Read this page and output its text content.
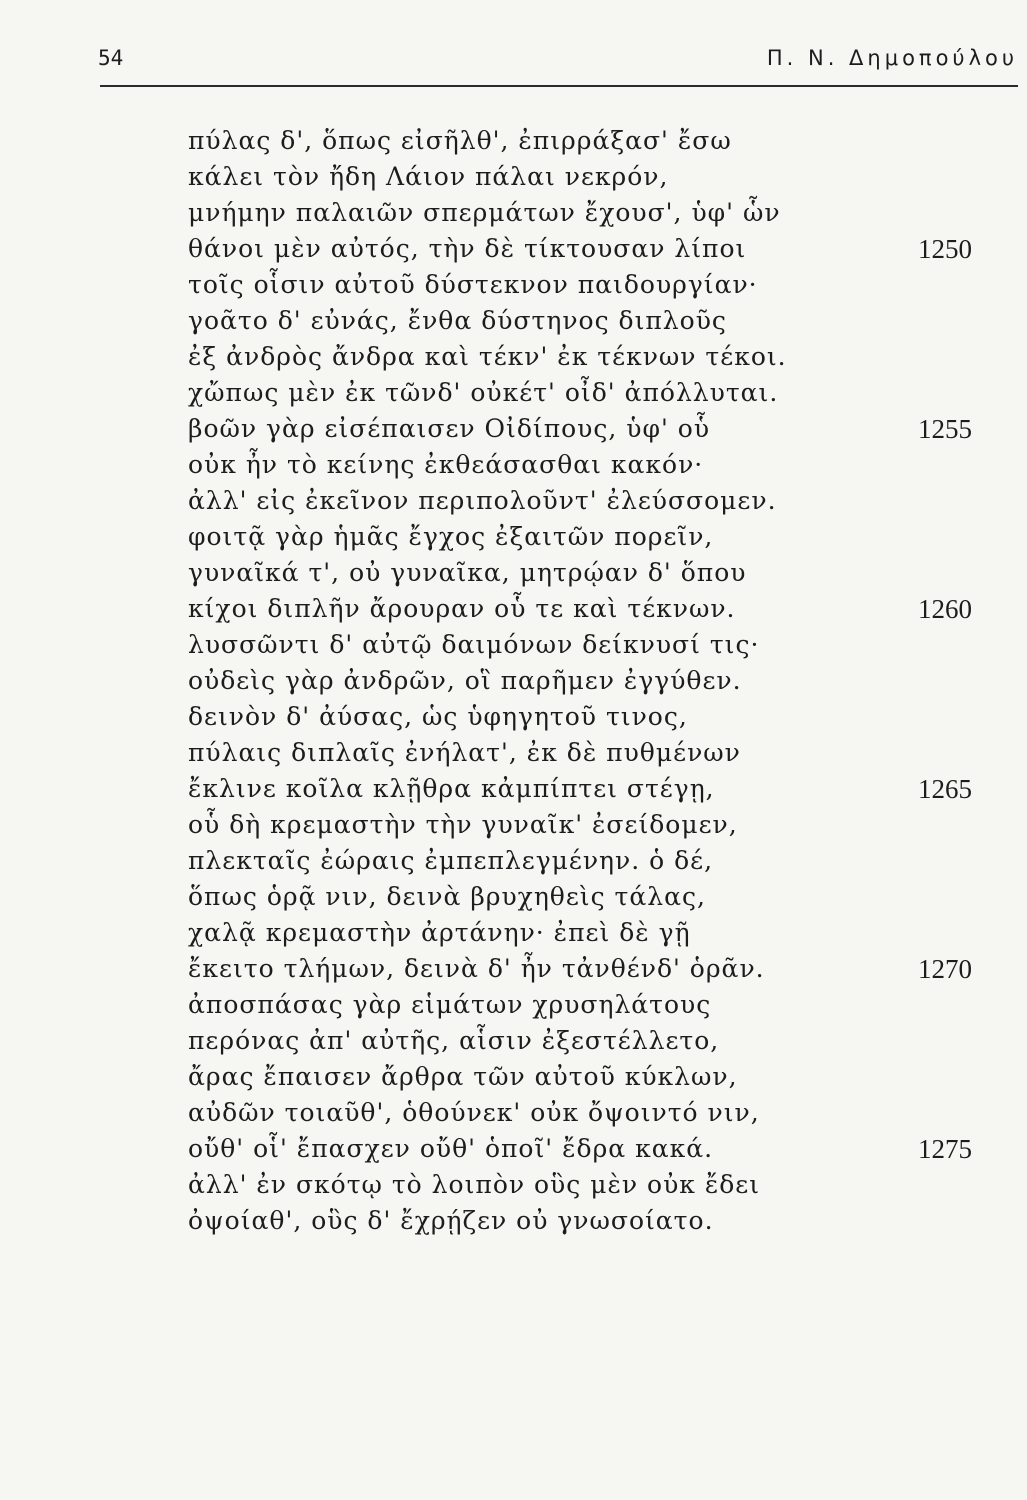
54	Π. Ν. Δημοπούλου
πύλας δ', ὅπως εἰσῆλθ', ἐπιρράξασ' ἔσω
κάλει τὸν ἤδη Λάιον πάλαι νεκρόν,
μνήμην παλαιῶν σπερμάτων ἔχουσ', ὑφ' ὧν
θάνοι μὲν αὐτός, τὴν δὲ τίκτουσαν λίποι	1250
τοῖς οἷσιν αὐτοῦ δύστεκνον παιδουργίαν·
γοᾶτο δ' εὐνάς, ἔνθα δύστηνος διπλοῦς
ἐξ ἀνδρὸς ἄνδρα καὶ τέκν' ἐκ τέκνων τέκοι.
χὤπως μὲν ἐκ τῶνδ' οὐκέτ' οἶδ' ἀπόλλυται.
βοῶν γὰρ εἰσέπαισεν Οἰδίπους, ὑφ' οὗ	1255
οὐκ ἦν τὸ κείνης ἐκθεάσασθαι κακόν·
ἀλλ' εἰς ἐκεῖνον περιπολοῦντ' ἐλεύσσομεν.
φοιτᾷ γὰρ ἡμᾶς ἔγχος ἐξαιτῶν πορεῖν,
γυναῖκά τ', οὐ γυναῖκα, μητρῴαν δ' ὅπου
κίχοι διπλῆν ἄρουραν οὗ τε καὶ τέκνων.	1260
λυσσῶντι δ' αὐτῷ δαιμόνων δείκνυσί τις·
οὐδεὶς γὰρ ἀνδρῶν, οἳ παρῆμεν ἐγγύθεν.
δεινὸν δ' ἀύσας, ὡς ὑφηγητοῦ τινος,
πύλαις διπλαῖς ἐνήλατ', ἐκ δὲ πυθμένων
ἔκλινε κοῖλα κλῇθρα κἀμπίπτει στέγῃ,	1265
οὗ δὴ κρεμαστὴν τὴν γυναῖκ' ἐσείδομεν,
πλεκταῖς ἐώραις ἐμπεπλεγμένην. ὁ δέ,
ὅπως ὁρᾷ νιν, δεινὰ βρυχηθεὶς τάλας,
χαλᾷ κρεμαστὴν ἀρτάνην· ἐπεὶ δὲ γῇ
ἔκειτο τλήμων, δεινὰ δ' ἦν τἀνθένδ' ὁρᾶν.	1270
ἀποσπάσας γὰρ εἱμάτων χρυσηλάτους
περόνας ἀπ' αὐτῆς, αἷσιν ἐξεστέλλετο,
ἄρας ἔπαισεν ἄρθρα τῶν αὐτοῦ κύκλων,
αὐδῶν τοιαῦθ', ὁθούνεκ' οὐκ ὄψοιντό νιν,
οὔθ' οἷ' ἔπασχεν οὔθ' ὁποῖ' ἔδρα κακά.	1275
ἀλλ' ἐν σκότῳ τὸ λοιπὸν οὓς μὲν οὐκ ἔδει
ὀψοίαθ', οὓς δ' ἔχρῄζεν οὐ γνωσοίατο.
